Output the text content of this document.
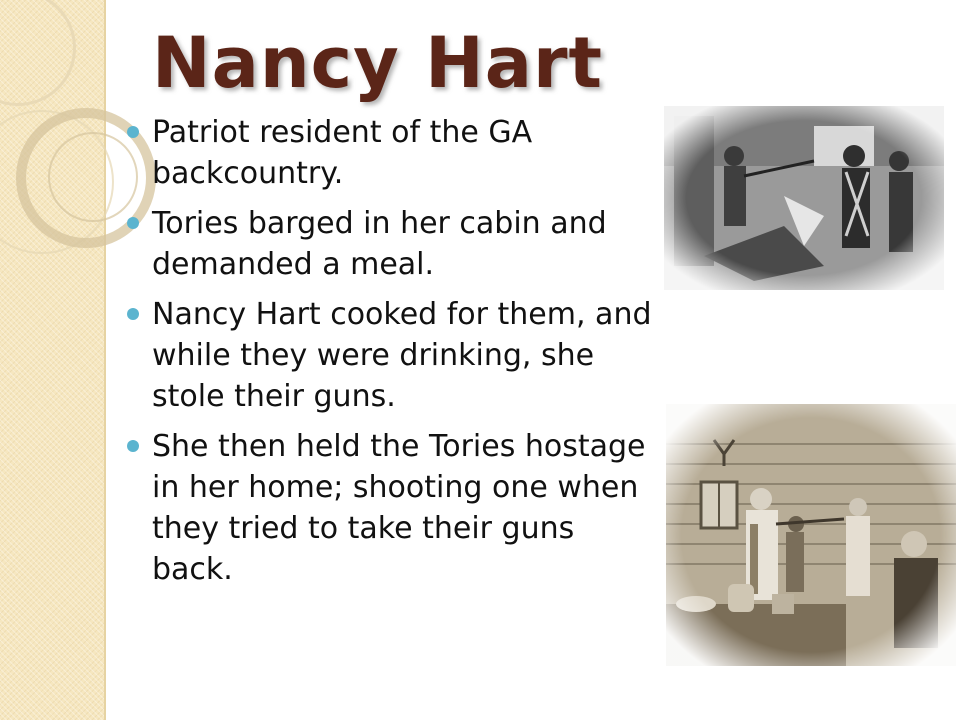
Nancy Hart
Patriot resident of the GA backcountry.
Tories barged in her cabin and demanded a meal.
Nancy Hart cooked for them, and while they were drinking, she stole their guns.
She then held the Tories hostage in her home; shooting one when they tried to take their guns back.
